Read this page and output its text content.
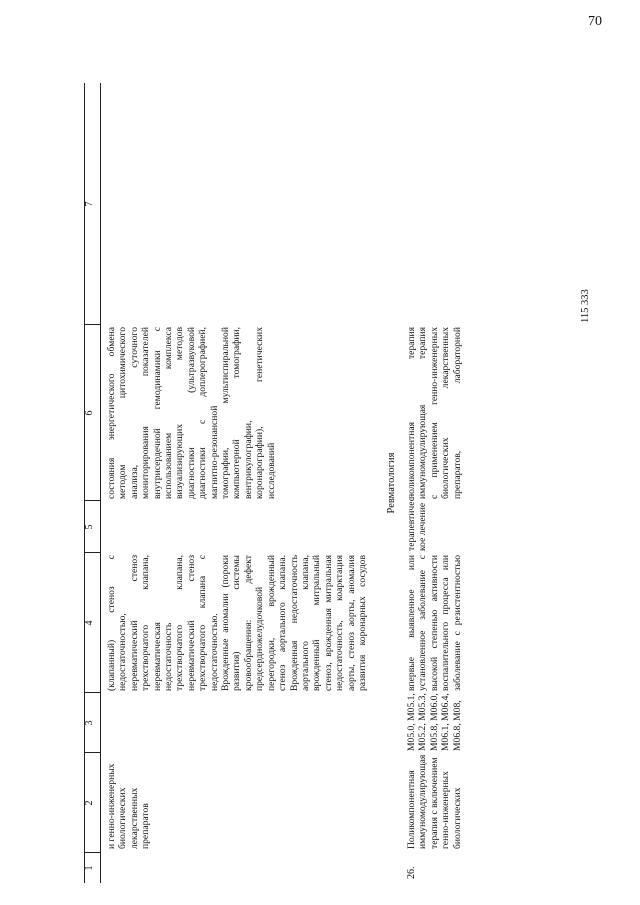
70
1
2
3
4
5
6
7
и генно-инженерных
биологических
лекарственных
препаратов
(клапанный) стеноз с
недостаточностью,
неревматический стеноз
трехстворчатого клапана,
неревматическая
недостаточность
трехстворчатого клапана,
неревматический стеноз
трехстворчатого клапана с
недостаточностью.
Врожденные аномалии (пороки
развития) системы
кровообращения: дефект
предсердножелудочковой
перегородки, врожденный
стеноз аортального клапана.
Врожденная недостаточность
аортального клапана,
врожденный митральный
стеноз, врожденная митральная
недостаточность, коарктация
аорты, стеноз аорты, аномалия
развития коронарных сосудов
состояния энергетического обмена
методом цитохимического
анализа, суточного
мониторирования показателей
внутрисердечной гемодинамики с
использованием комплекса
визуализирующих методов
диагностики (ультразвуковой
диагностики с доплерографией,
магнитно-резонансной
томографии, мультиспиральной
компьютерной томографии,
вентрикулографии,
коронарографии), генетических
исследований	Ревматология
26.
Поликомпонентная
иммуномодулирующая
терапия с включением
генно-инженерных
биологических
M05.0, M05.1,
M05.2, M05.3,
M05.8, M06.0,
M06.1, M06.4,
M06.8, M08,
впервые выявленное или
установленное заболевание с
высокой степенью активности
воспалительного процесса или
заболевание с резистентностью
терапевтичес-
кое лечение
поликомпонентная терапия
иммуномодулирующая терапия
с применением генно-инженерных
биологических лекарственных
препаратов, лабораторной
115 333
